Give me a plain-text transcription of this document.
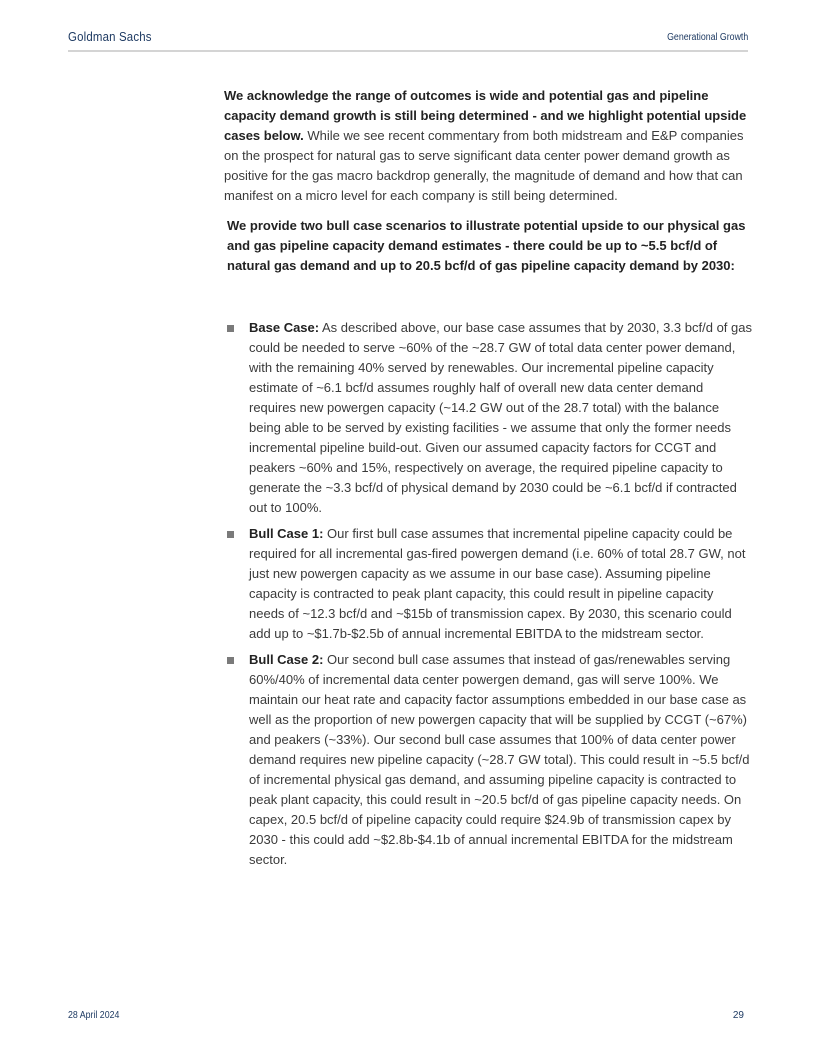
Goldman Sachs	Generational Growth

We acknowledge the range of outcomes is wide and potential gas and pipeline capacity demand growth is still being determined - and we highlight potential upside cases below. While we see recent commentary from both midstream and E&P companies on the prospect for natural gas to serve significant data center power demand growth as positive for the gas macro backdrop generally, the magnitude of demand and how that can manifest on a micro level for each company is still being determined.

We provide two bull case scenarios to illustrate potential upside to our physical gas and gas pipeline capacity demand estimates - there could be up to ~5.5 bcf/d of natural gas demand and up to 20.5 bcf/d of gas pipeline capacity demand by 2030:

Base Case: As described above, our base case assumes that by 2030, 3.3 bcf/d of gas could be needed to serve ~60% of the ~28.7 GW of total data center power demand, with the remaining 40% served by renewables. Our incremental pipeline capacity estimate of ~6.1 bcf/d assumes roughly half of overall new data center demand requires new powergen capacity (~14.2 GW out of the 28.7 total) with the balance being able to be served by existing facilities - we assume that only the former needs incremental pipeline build-out. Given our assumed capacity factors for CCGT and peakers ~60% and 15%, respectively on average, the required pipeline capacity to generate the ~3.3 bcf/d of physical demand by 2030 could be ~6.1 bcf/d if contracted out to 100%.
Bull Case 1: Our first bull case assumes that incremental pipeline capacity could be required for all incremental gas-fired powergen demand (i.e. 60% of total 28.7 GW, not just new powergen capacity as we assume in our base case). Assuming pipeline capacity is contracted to peak plant capacity, this could result in pipeline capacity needs of ~12.3 bcf/d and ~$15b of transmission capex. By 2030, this scenario could add up to ~$1.7b-$2.5b of annual incremental EBITDA to the midstream sector.
Bull Case 2: Our second bull case assumes that instead of gas/renewables serving 60%/40% of incremental data center powergen demand, gas will serve 100%. We maintain our heat rate and capacity factor assumptions embedded in our base case as well as the proportion of new powergen capacity that will be supplied by CCGT (~67%) and peakers (~33%). Our second bull case assumes that 100% of data center power demand requires new pipeline capacity (~28.7 GW total). This could result in ~5.5 bcf/d of incremental physical gas demand, and assuming pipeline capacity is contracted to peak plant capacity, this could result in ~20.5 bcf/d of gas pipeline capacity needs. On capex, 20.5 bcf/d of pipeline capacity could require $24.9b of transmission capex by 2030 - this could add ~$2.8b-$4.1b of annual incremental EBITDA for the midstream sector.
28 April 2024	29
